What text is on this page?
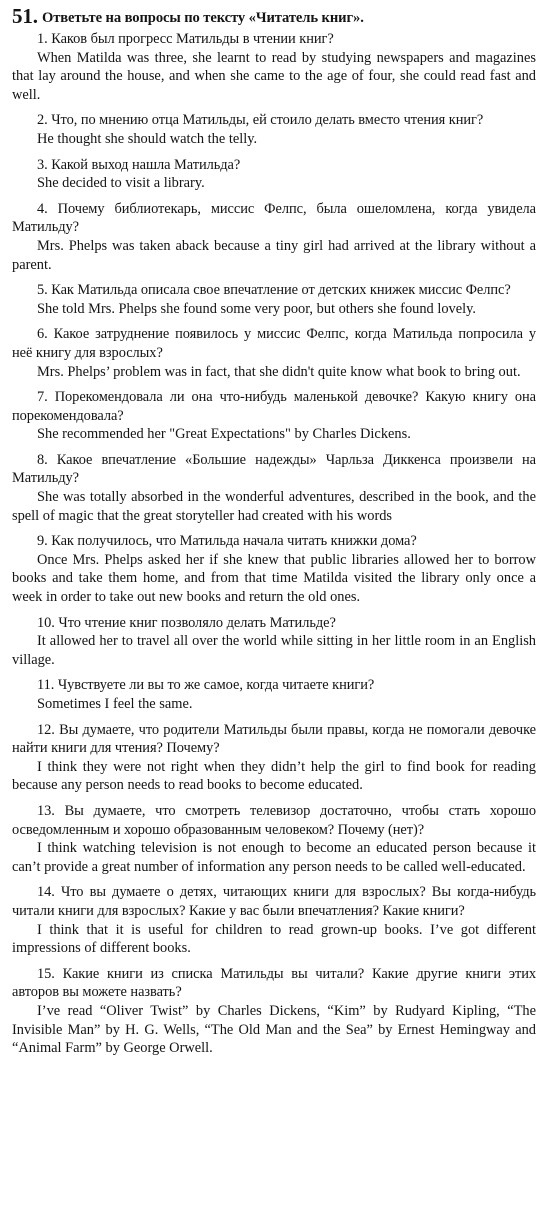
51. Ответьте на вопросы по тексту «Читатель книг».

1. Каков был прогресс Матильды в чтении книг?

When Matilda was three, she learnt to read by studying newspapers and magazines that lay around the house, and when she came to the age of four, she could read fast and well.

2. Что, по мнению отца Матильды, ей стоило делать вместо чтения книг?

He thought she should watch the telly.

3. Какой выход нашла Матильда?

She decided to visit a library.

4. Почему библиотекарь, миссис Фелпс, была ошеломлена, когда увидела Матильду?

Mrs. Phelps was taken aback because a tiny girl had arrived at the library without a parent.

5. Как Матильда описала свое впечатление от детских книжек миссис Фелпс?

She told Mrs. Phelps she found some very poor, but others she found lovely.

6. Какое затруднение появилось у миссис Фелпс, когда Матильда попросила у неё книгу для взрослых?

Mrs. Phelps’ problem was in fact, that she didn't quite know what book to bring out.

7. Порекомендовала ли она что-нибудь маленькой девочке? Какую книгу она порекомендовала?

She recommended her "Great Expectations" by Charles Dickens.

8. Какое впечатление «Большие надежды» Чарльза Диккенса произвели на Матильду?

She was totally absorbed in the wonderful adventures, described in the book, and the spell of magic that the great storyteller had created with his words

9. Как получилось, что Матильда начала читать книжки дома?

Once Mrs. Phelps asked her if she knew that public libraries allowed her to borrow books and take them home, and from that time Matilda visited the library only once a week in order to take out new books and return the old ones.

10. Что чтение книг позволяло делать Матильде?

It allowed her to travel all over the world while sitting in her little room in an English village.

11. Чувствуете ли вы то же самое, когда читаете книги?

Sometimes I feel the same.

12. Вы думаете, что родители Матильды были правы, когда не помогали девочке найти книги для чтения? Почему?

I think they were not right when they didn’t help the girl to find book for reading because any person needs to read books to become educated.

13. Вы думаете, что смотреть телевизор достаточно, чтобы стать хорошо осведомленным и хорошо образованным человеком? Почему (нет)?

I think watching television is not enough to become an educated person because it can’t provide a great number of information any person needs to be called well-educated.

14. Что вы думаете о детях, читающих книги для взрослых? Вы когда-нибудь читали книги для взрослых? Какие у вас были впечатления? Какие книги?

I think that it is useful for children to read grown-up books. I’ve got different impressions of different books.

15. Какие книги из списка Матильды вы читали? Какие другие книги этих авторов вы можете назвать?

I’ve read “Oliver Twist” by Charles Dickens, “Kim” by Rudyard Kipling, “The Invisible Man” by H. G. Wells, “The Old Man and the Sea” by Ernest Hemingway and “Animal Farm” by George Orwell.
